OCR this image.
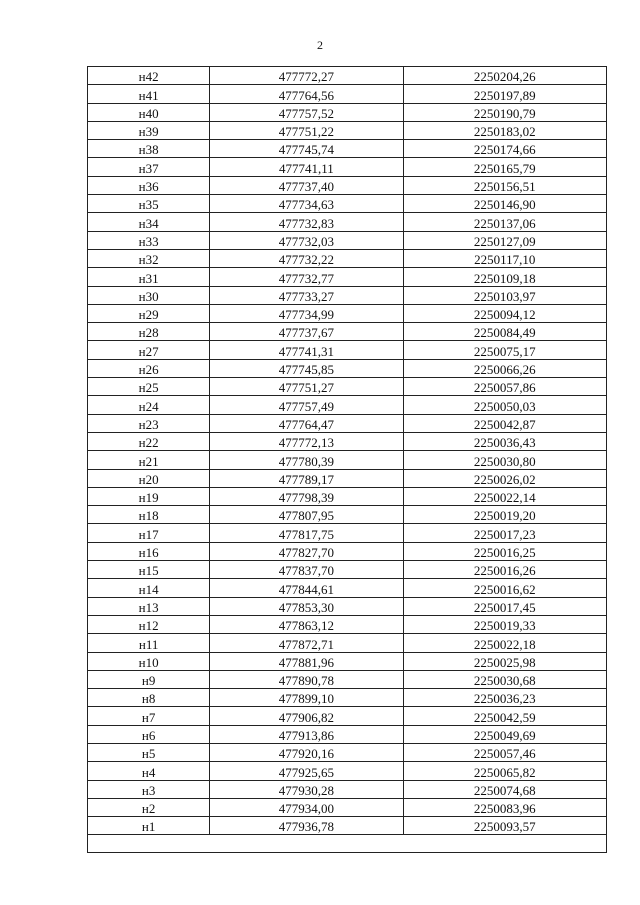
2
н42	477772,27	2250204,26
н41	477764,56	2250197,89
н40	477757,52	2250190,79
н39	477751,22	2250183,02
н38	477745,74	2250174,66
н37	477741,11	2250165,79
н36	477737,40	2250156,51
н35	477734,63	2250146,90
н34	477732,83	2250137,06
н33	477732,03	2250127,09
н32	477732,22	2250117,10
н31	477732,77	2250109,18
н30	477733,27	2250103,97
н29	477734,99	2250094,12
н28	477737,67	2250084,49
н27	477741,31	2250075,17
н26	477745,85	2250066,26
н25	477751,27	2250057,86
н24	477757,49	2250050,03
н23	477764,47	2250042,87
н22	477772,13	2250036,43
н21	477780,39	2250030,80
н20	477789,17	2250026,02
н19	477798,39	2250022,14
н18	477807,95	2250019,20
н17	477817,75	2250017,23
н16	477827,70	2250016,25
н15	477837,70	2250016,26
н14	477844,61	2250016,62
н13	477853,30	2250017,45
н12	477863,12	2250019,33
н11	477872,71	2250022,18
н10	477881,96	2250025,98
н9	477890,78	2250030,68
н8	477899,10	2250036,23
н7	477906,82	2250042,59
н6	477913,86	2250049,69
н5	477920,16	2250057,46
н4	477925,65	2250065,82
н3	477930,28	2250074,68
н2	477934,00	2250083,96
н1	477936,78	2250093,57
